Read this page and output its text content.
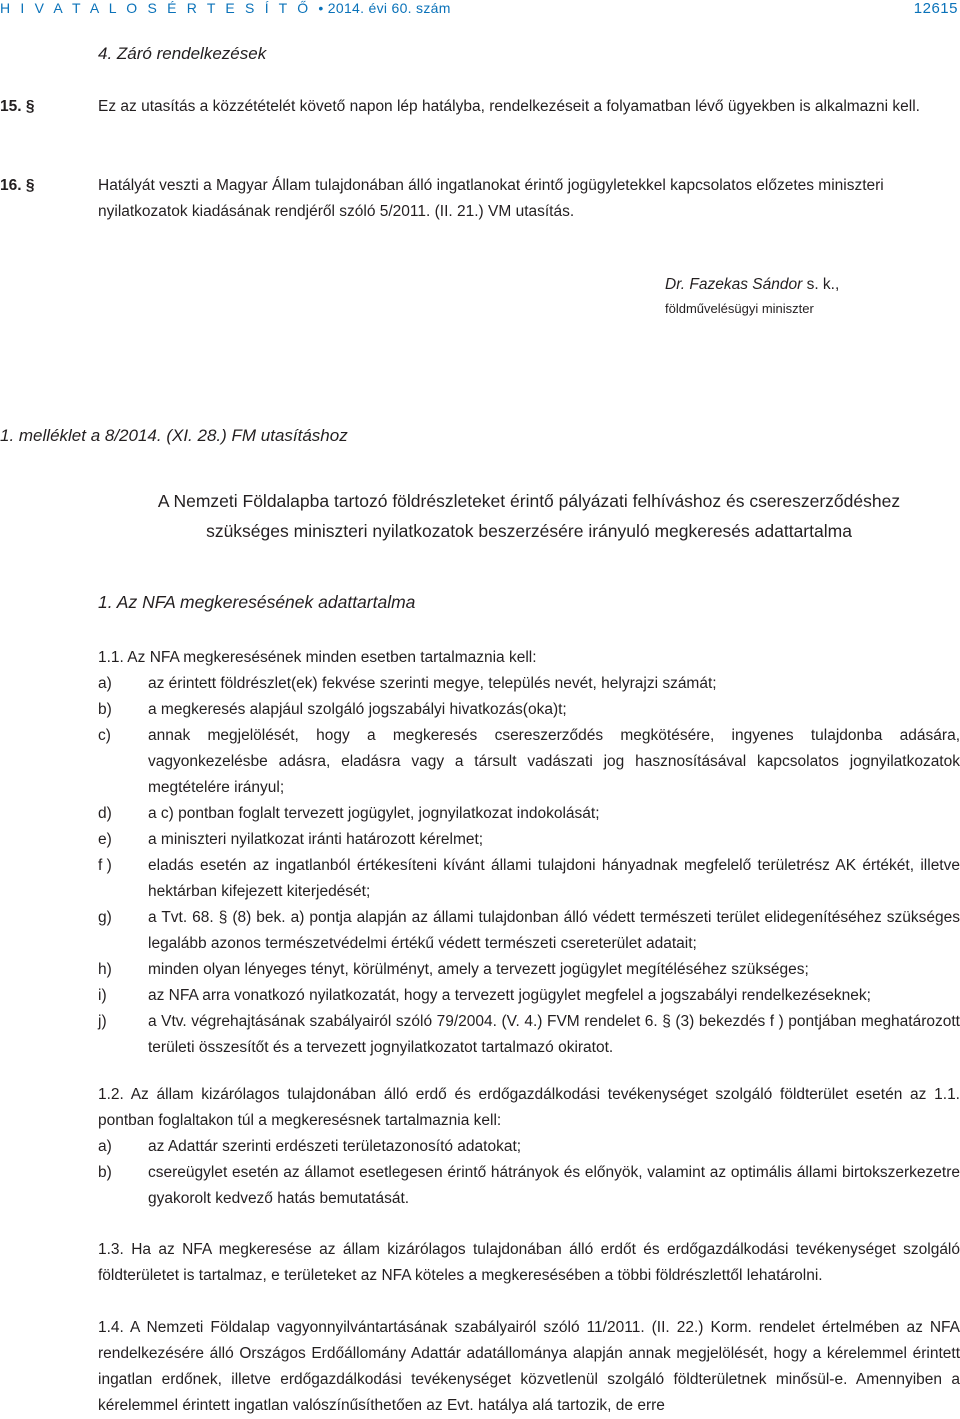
H I V A T A L O S É R T E S Í T Ő • 2014. évi 60. szám	12615
4. Záró rendelkezések
15. §	Ez az utasítás a közzétételét követő napon lép hatályba, rendelkezéseit a folyamatban lévő ügyekben is alkalmazni kell.
16. §	Hatályát veszti a Magyar Állam tulajdonában álló ingatlanokat érintő jogügyletekkel kapcsolatos előzetes miniszteri nyilatkozatok kiadásának rendjéről szóló 5/2011. (II. 21.) VM utasítás.
Dr. Fazekas Sándor s. k.,
földművelésügyi miniszter
1. melléklet a 8/2014. (XI. 28.) FM utasításhoz
A Nemzeti Földalapba tartozó földrészleteket érintő pályázati felhíváshoz és csereszerződéshez
szükséges miniszteri nyilatkozatok beszerzésére irányuló megkeresés adattartalma
1. Az NFA megkeresésének adattartalma
1.1. Az NFA megkeresésének minden esetben tartalmaznia kell:
a)	az érintett földrészlet(ek) fekvése szerinti megye, település nevét, helyrajzi számát;
b)	a megkeresés alapjául szolgáló jogszabályi hivatkozás(oka)t;
c)	annak megjelölését, hogy a megkeresés csereszerződés megkötésére, ingyenes tulajdonba adására, vagyonkezelésbe adásra, eladásra vagy a társult vadászati jog hasznosításával kapcsolatos jognyilatkozatok megtételére irányul;
d)	a c) pontban foglalt tervezett jogügylet, jognyilatkozat indokolását;
e)	a miniszteri nyilatkozat iránti határozott kérelmet;
f )	eladás esetén az ingatlanból értékesíteni kívánt állami tulajdoni hányadnak megfelelő területrész AK értékét, illetve hektárban kifejezett kiterjedését;
g)	a Tvt. 68. § (8) bek. a) pontja alapján az állami tulajdonban álló védett természeti terület elidegenítéséhez szükséges legalább azonos természetvédelmi értékű védett természeti csereterület adatait;
h)	minden olyan lényeges tényt, körülményt, amely a tervezett jogügylet megítéléséhez szükséges;
i)	az NFA arra vonatkozó nyilatkozatát, hogy a tervezett jogügylet megfelel a jogszabályi rendelkezéseknek;
j)	a Vtv. végrehajtásának szabályairól szóló 79/2004. (V. 4.) FVM rendelet 6. § (3) bekezdés f ) pontjában meghatározott területi összesítőt és a tervezett jognyilatkozatot tartalmazó okiratot.
1.2. Az állam kizárólagos tulajdonában álló erdő és erdőgazdálkodási tevékenységet szolgáló földterület esetén az 1.1. pontban foglaltakon túl a megkeresésnek tartalmaznia kell:
a)	az Adattár szerinti erdészeti területazonosító adatokat;
b)	csereügylet esetén az államot esetlegesen érintő hátrányok és előnyök, valamint az optimális állami birtokszerkezetre gyakorolt kedvező hatás bemutatását.
1.3. Ha az NFA megkeresése az állam kizárólagos tulajdonában álló erdőt és erdőgazdálkodási tevékenységet szolgáló földterületet is tartalmaz, e területeket az NFA köteles a megkeresésében a többi földrészlettől lehatárolni.
1.4. A Nemzeti Földalap vagyonnyilvántartásának szabályairól szóló 11/2011. (II. 22.) Korm. rendelet értelmében az NFA rendelkezésére álló Országos Erdőállomány Adattár adatállománya alapján annak megjelölését, hogy a kérelemmel érintett ingatlan erdőnek, illetve erdőgazdálkodási tevékenységet közvetlenül szolgáló földterületnek minősül-e. Amennyiben a kérelemmel érintett ingatlan valószínűsíthetően az Evt. hatálya alá tartozik, de erre
